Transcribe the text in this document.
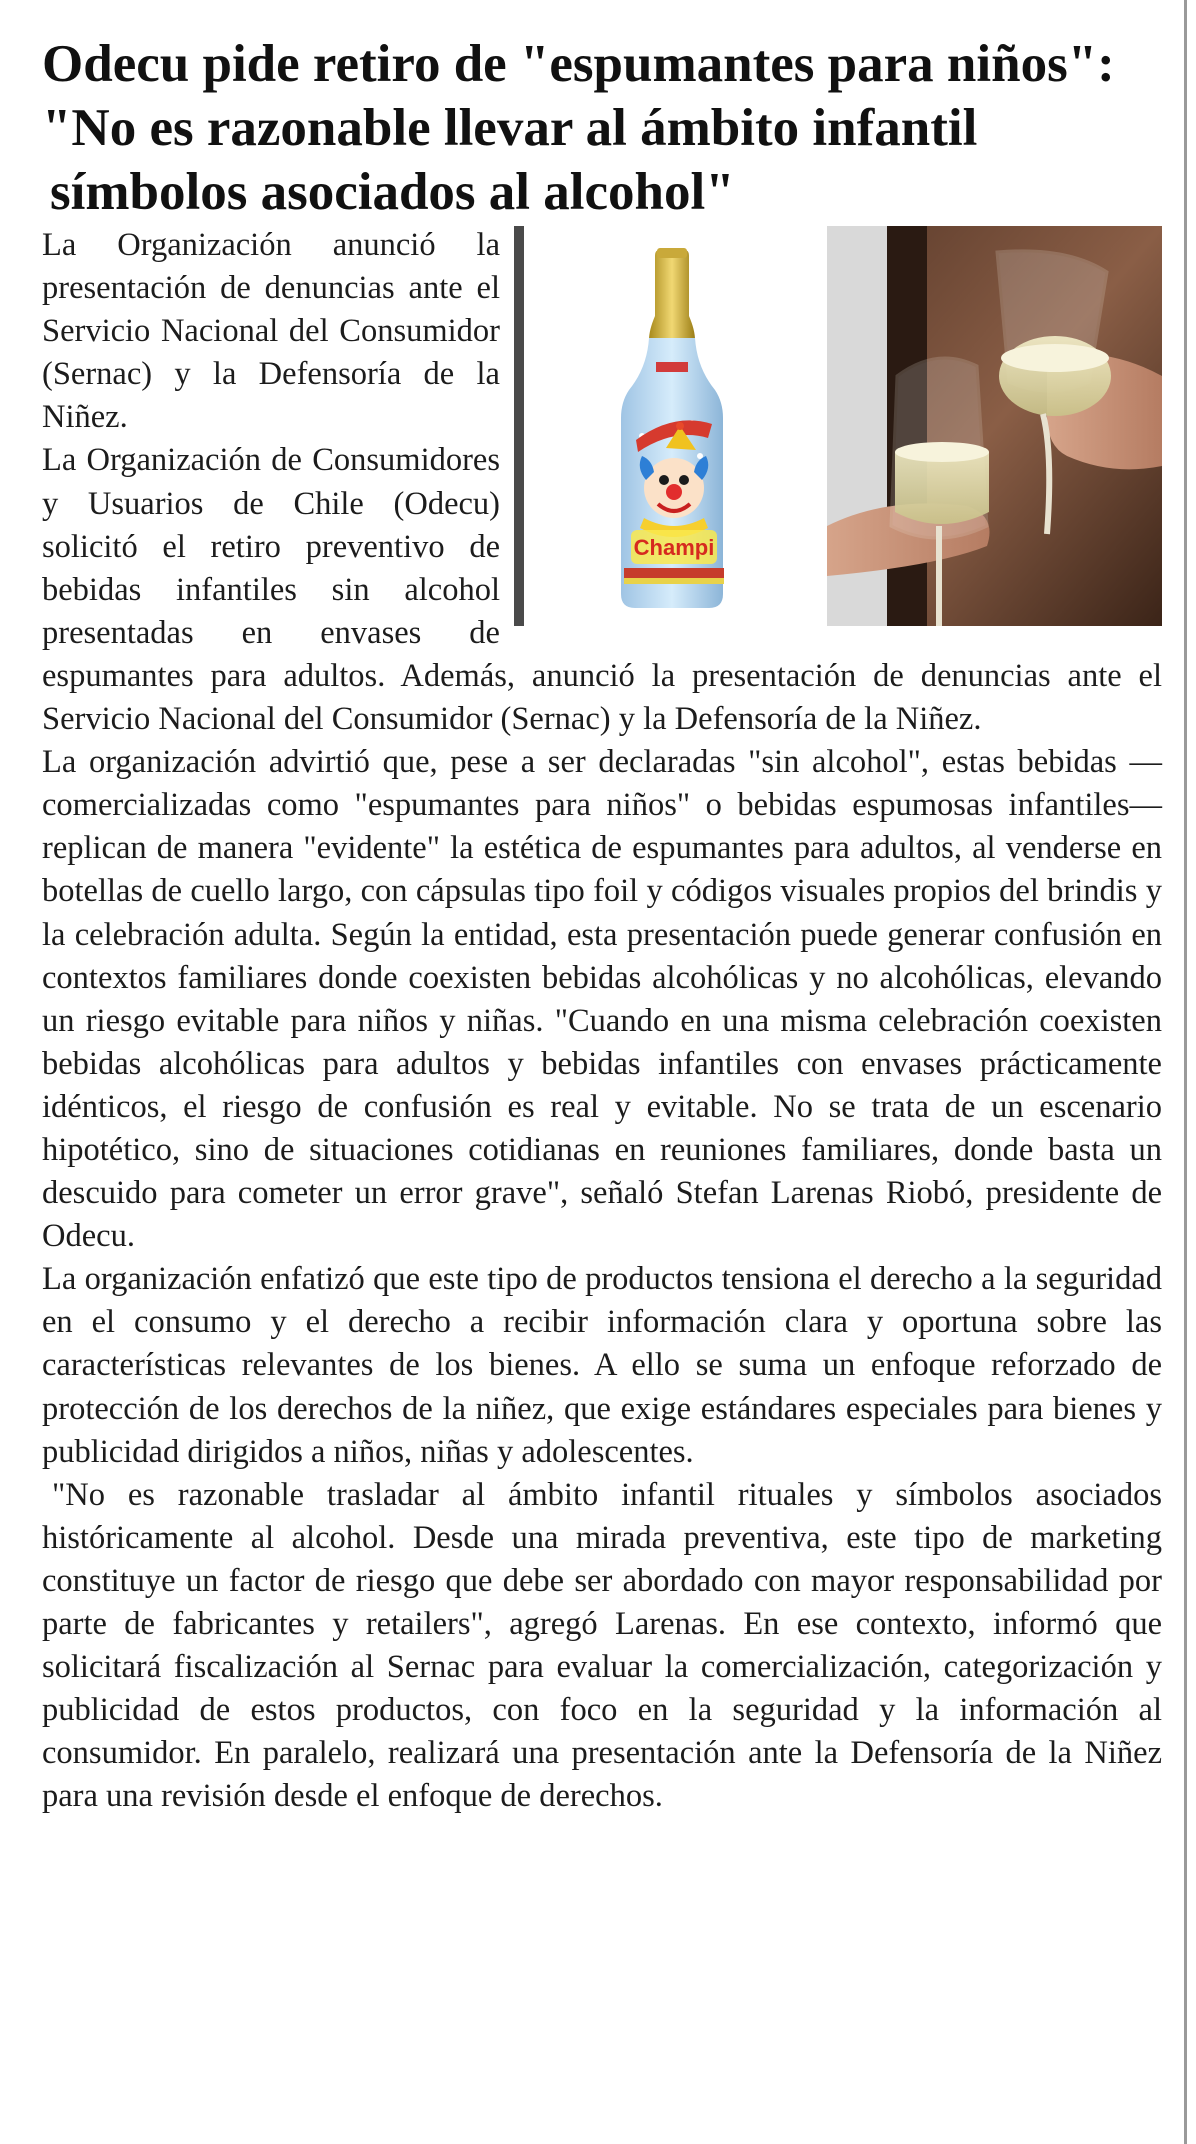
Odecu pide retiro de "espumantes para niños":
"No es razonable llevar al ámbito infantil
símbolos asociados al alcohol"
Champi

La Organización anunció la presentación de denuncias ante el Servicio Nacional del Consumidor (Sernac) y la Defensoría de la Niñez.

La Organización de Consumidores y Usuarios de Chile (Odecu) solicitó el retiro preventivo de bebidas infantiles sin alcohol presentadas en envases de espumantes para adultos. Además, anunció la presentación de denuncias ante el Servicio Nacional del Consumidor (Sernac) y la Defensoría de la Niñez.

La organización advirtió que, pese a ser declaradas "sin alcohol", estas bebidas —comercializadas como "espumantes para niños" o bebidas espumosas infantiles— replican de manera "evidente" la estética de espumantes para adultos, al venderse en botellas de cuello largo, con cápsulas tipo foil y códigos visuales propios del brindis y la celebración adulta. Según la entidad, esta presentación puede generar confusión en contextos familiares donde coexisten bebidas alcohólicas y no alcohólicas, elevando un riesgo evitable para niños y niñas. "Cuando en una misma celebración coexisten bebidas alcohólicas para adultos y bebidas infantiles con envases prácticamente idénticos, el riesgo de confusión es real y evitable. No se trata de un escenario hipotético, sino de situaciones cotidianas en reuniones familiares, donde basta un descuido para cometer un error grave", señaló Stefan Larenas Riobó, presidente de Odecu.

La organización enfatizó que este tipo de productos tensiona el derecho a la seguridad en el consumo y el derecho a recibir información clara y oportuna sobre las características relevantes de los bienes. A ello se suma un enfoque reforzado de protección de los derechos de la niñez, que exige estándares especiales para bienes y publicidad dirigidos a niños, niñas y adolescentes.

"No es razonable trasladar al ámbito infantil rituales y símbolos asociados históricamente al alcohol. Desde una mirada preventiva, este tipo de marketing constituye un factor de riesgo que debe ser abordado con mayor responsabilidad por parte de fabricantes y retailers", agregó Larenas. En ese contexto, informó que solicitará fiscalización al Sernac para evaluar la comercialización, categorización y publicidad de estos productos, con foco en la seguridad y la información al consumidor. En paralelo, realizará una presentación ante la Defensoría de la Niñez para una revisión desde el enfoque de derechos.
